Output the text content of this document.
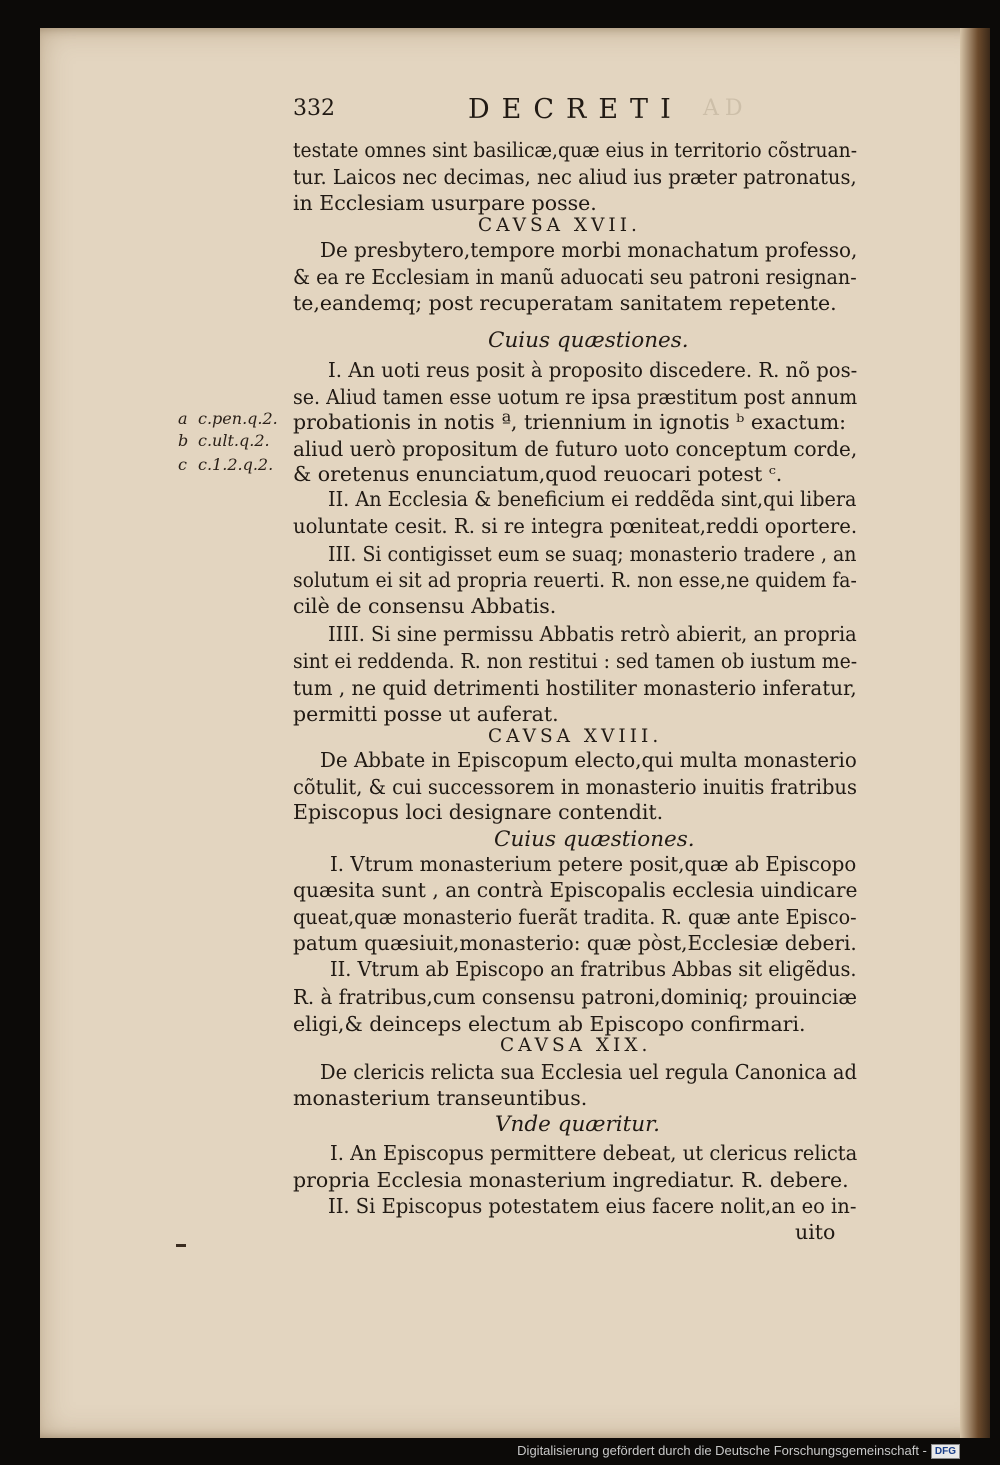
332	DECRETI AD
testate omnes sint basilicæ,quæ eius in territorio cõstruan-
tur. Laicos nec decimas, nec aliud ius præter patronatus,
in Ecclesiam usurpare posse.
CAVSA XVII.
De presbytero,tempore morbi monachatum professo,
& ea re Ecclesiam in manũ aduocati seu patroni resignan-
te,eandemq; post recuperatam sanitatem repetente.
Cuius quæstiones.
I. An uoti reus posit à proposito discedere. R. nõ pos-
se. Aliud tamen esse uotum re ipsa præstitum post annum
probationis in notis ª, triennium in ignotis ᵇ exactum:
aliud uerò propositum de futuro uoto conceptum corde,
& oretenus enunciatum,quod reuocari potest ᶜ.
II. An Ecclesia & beneficium ei reddẽda sint,qui libera
uoluntate cesit. R. si re integra pœniteat,reddi oportere.
III. Si contigisset eum se suaq; monasterio tradere , an
solutum ei sit ad propria reuerti. R. non esse,ne quidem fa-
cilè de consensu Abbatis.
IIII. Si sine permissu Abbatis retrò abierit, an propria
sint ei reddenda. R. non restitui : sed tamen ob iustum me-
tum , ne quid detrimenti hostiliter monasterio inferatur,
permitti posse ut auferat.
CAVSA XVIII.
De Abbate in Episcopum electo,qui multa monasterio
cõtulit, & cui successorem in monasterio inuitis fratribus
Episcopus loci designare contendit.
Cuius quæstiones.
I. Vtrum monasterium petere posit,quæ ab Episcopo
quæsita sunt , an contrà Episcopalis ecclesia uindicare
queat,quæ monasterio fuerãt tradita. R. quæ ante Episco-
patum quæsiuit,monasterio: quæ pòst,Ecclesiæ deberi.
II. Vtrum ab Episcopo an fratribus Abbas sit eligẽdus.
R. à fratribus,cum consensu patroni,dominiq; prouinciæ
eligi,& deinceps electum ab Episcopo confirmari.
CAVSA XIX.
De clericis relicta sua Ecclesia uel regula Canonica ad
monasterium transeuntibus.
Vnde quæritur.
I. An Episcopus permittere debeat, ut clericus relicta
propria Ecclesia monasterium ingrediatur. R. debere.
II. Si Episcopus potestatem eius facere nolit,an eo in-
uito
a c.pen.q.2.
b c.ult.q.2.
c c.1.2.q.2.
Digitalisierung gefördert durch die Deutsche Forschungsgemeinschaft - DFG
